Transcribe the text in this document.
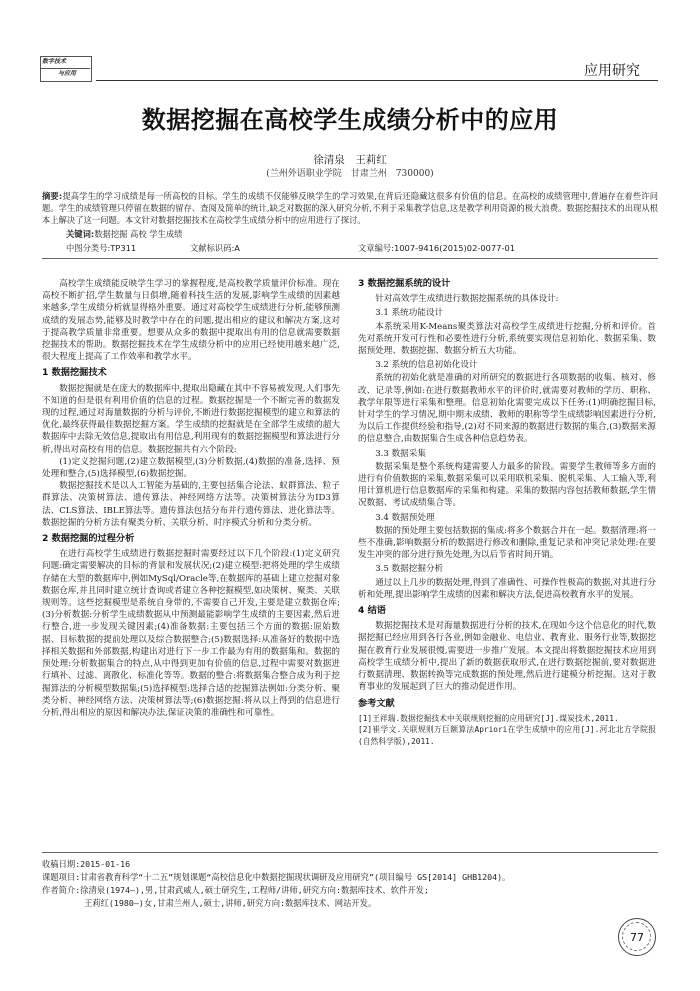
数字技术
与应用	应用研究
数据挖掘在高校学生成绩分析中的应用
徐清泉　王莉红
(兰州外语职业学院　甘肃兰州　730000)
摘要:提高学生的学习成绩是每一所高校的目标。学生的成绩不仅能够反映学生的学习效果,在背后还隐藏这很多有价值的信息。在高校的成绩管理中,普遍存在着些许问题。学生的成绩管理只停留在数据的留存、查阅及简单的统计,缺乏对数据的深入研究分析,不利于采集教学信息,这是教学利用资源的极大浪费。数据挖掘技术的出现从根本上解决了这一问题。本文针对数据挖掘技术在高校学生成绩分析中的应用进行了探讨。
关键词:数据挖掘 高校 学生成绩
中图分类号:TP311	文献标识码:A	文章编号:1007-9416(2015)02-0077-01

高校学生成绩能反映学生学习的掌握程度,是高校教学质量评价标准。现在高校不断扩招,学生数量与日俱增,随着科技生活的发展,影响学生成绩的因素越来越多,学生成绩分析就显得格外重要。通过对高校学生成绩进行分析,能够预测成绩的发展态势,能够及时教学中存在的问题,提出相应的建议和解决方案,这对于提高教学质量非常重要。想要从众多的数据中提取出有用的信息就需要数据挖掘技术的帮助。数据挖掘技术在学生成绩分析中的应用已经使用越来越广泛,很大程度上提高了工作效率和教学水平。

1 数据挖掘技术

数据挖掘就是在庞大的数据库中,提取出隐藏在其中不容易被发现,人们事先不知道的但是很有利用价值的信息的过程。数据挖掘是一个不断完善的数据发现的过程,通过对海量数据的分析与评价,不断进行数据挖掘模型的建立和算法的优化,最终获得最佳数据挖掘方案。学生成绩的挖掘就是在全部学生成绩的超大数据库中去除无效信息,提取出有用信息,利用现有的数据挖掘模型和算法进行分析,得出对高校有用的信息。数据挖掘共有六个阶段:

(1)定义挖掘问题,(2)建立数据模型,(3)分析数据,(4)数据的准备,选择、预处理和整合,(5)选择模型,(6)数据挖掘。

数据挖掘技术是以人工智能为基础的,主要包括集合论法、蚁群算法、粒子群算法、决策树算法、遗传算法、神经网络方法等。决策树算法分为ID3算法、CLS算法、IBLE算法等。遗传算法包括分布并行遗传算法、进化算法等。数据挖掘的分析方法有聚类分析、关联分析、时序模式分析和分类分析。

2 数据挖掘的过程分析

在进行高校学生成绩进行数据挖掘时需要经过以下几个阶段:(1)定义研究问题:确定需要解决的目标的背景和发展状况;(2)建立模型:把将处理的学生成绩存储在大型的数据库中,例如MySql/Oracle等,在数据库的基础上建立挖掘对象数据仓库,并且同时建立统计查询或者建立各种挖掘模型,如决策树、聚类、关联规则等。这些挖掘模型是系统自身带的,不需要自己开发,主要是建立数据仓库;(3)分析数据:分析学生成绩数据从中预测最能影响学生成绩的主要因素,然后进行整合,进一步发现关键因素;(4)准备数据:主要包括三个方面的数据:原始数据、目标数据的提前处理以及综合数据整合;(5)数据选择:从准备好的数据中选择相关数据和外部数据,构建出对进行下一步工作最为有用的数据集和。数据的预处理:分析数据集合的特点,从中得到更加有价值的信息,过程中需要对数据进行填补、过滤、离散化、标准化等等。数据的整合:将数据集合整合成为利于挖掘算法的分析模型数据集;(5)选择模型:选择合适的挖掘算法例如:分类分析、聚类分析、神经网络方法、决策树算法等;(6)数据挖掘:将从以上得到的信息进行分析,得出相应的原因和解决办法,保证决策的准确性和可靠性。

3 数据挖掘系统的设计

针对高效学生成绩进行数据挖掘系统的具体设计:

3.1 系统功能设计

本系统采用K-Means聚类算法对高校学生成绩进行挖掘,分析和评价。首先对系统开发可行性和必要性进行分析,系统要实现信息初始化、数据采集、数据预处理、数据挖掘、数据分析五大功能。

3.2 系统的信息初始化设计

系统的初始化就是准确的对所研究的数据进行各项数据的收集、核对、修改、记录等,例如:在进行数据教师水平的评价时,就需要对教师的学历、职称、教学年限等进行采集和整理。信息初始化需要完成以下任务:(1)明确挖掘目标,针对学生的学习情况,期中期末成绩、教师的职称等学生成绩影响因素进行分析,为以后工作提供经验和指导,(2)对不同来源的数据进行数据的集合,(3)数据来源的信息整合,由数据集合生成各种信息趋势表。

3.3 数据采集

数据采集是整个系统构建需要人力最多的阶段。需要学生教师等多方面的进行有价值数据的采集,数据采集可以采用联机采集、脱机采集、人工输入等,利用计算机进行信息数据库的采集和构建。采集的数据内容包括教师数据,学生情况数据、考试成绩集合等。

3.4 数据预处理

数据的预处理主要包括数据的集成:将多个数据合并在一起。数据清理:将一些不准确,影响数据分析的数据进行修改和删除,重复记录和冲突记录处理:在要发生冲突的部分进行预先处理,为以后节省时间开销。

3.5 数据挖掘分析

通过以上几步的数据处理,得到了准确性、可操作性极高的数据,对其进行分析和处理,提出影响学生成绩的因素和解决方法,促进高校教育水平的发展。

4 结语

数据挖掘技术是对海量数据进行分析的技术,在现如今这个信息化的时代,数据挖掘已经应用到各行各业,例如金融业、电信业、教育业、服务行业等,数据挖掘在教育行业发展很慢,需要进一步推广发展。本文提出将数据挖掘技术应用到高校学生成绩分析中,提出了新的数据获取形式,在进行数据挖掘前,要对数据进行数据清理、数据转换等完成数据的预处理,然后进行建模分析挖掘。这对于教育事业的发展起到了巨大的推动促进作用。

参考文献

[1]王祥瑞.数据挖掘技术中关联规则挖掘的应用研究[J].煤炭技术,2011.

[2]崔学文.关联规则万巨额算法Apriori在学生成绩中的应用[J].河北北方学院报(自然科学版),2011.

收稿日期:2015-01-16
课题项目:甘肃省教育科学“十二五”规划课题“高校信息化中数据挖掘现状调研及应用研究”(项目编号 GS[2014] GHB1204)。
作者简介:徐清泉(1974—),男,甘肃武威人,硕士研究生,工程师/讲师,研究方向:数据库技术、软件开发;
王莉红(1980—)女,甘肃兰州人,硕士,讲师,研究方向:数据库技术、网站开发。
77
